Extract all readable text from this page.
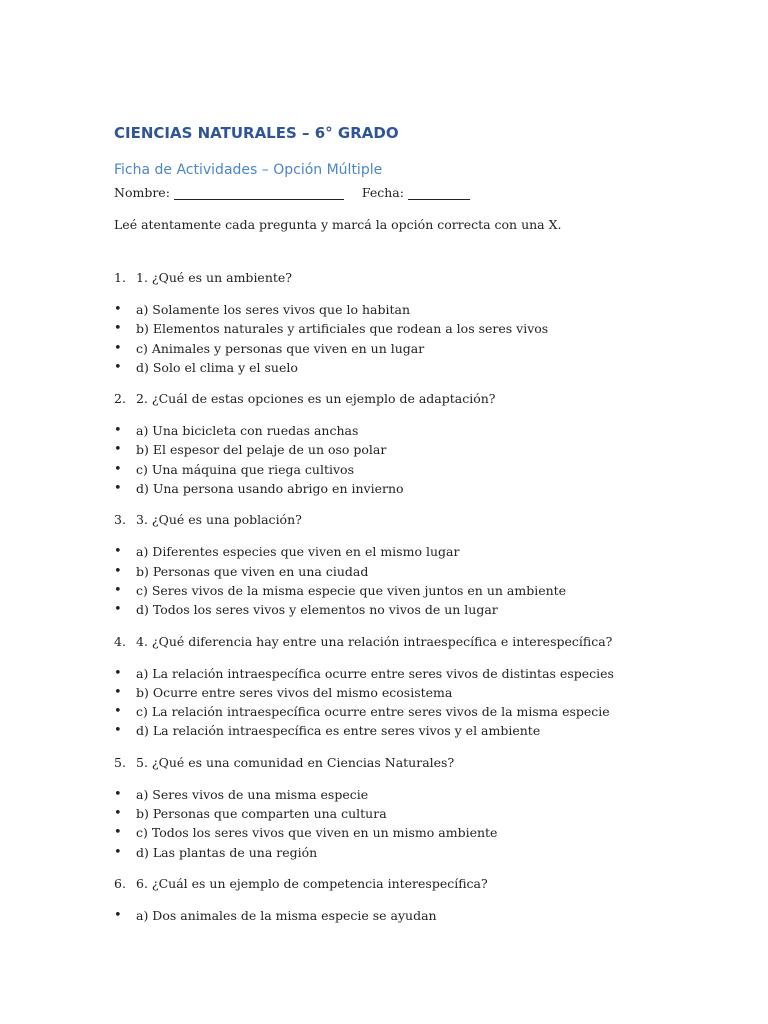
CIENCIAS NATURALES – 6° GRADO
Ficha de Actividades – Opción Múltiple
Nombre:	Fecha:
Leé atentamente cada pregunta y marcá la opción correcta con una X.
1. 1. ¿Qué es un ambiente?
• a) Solamente los seres vivos que lo habitan
• b) Elementos naturales y artificiales que rodean a los seres vivos
• c) Animales y personas que viven en un lugar
• d) Solo el clima y el suelo
2. 2. ¿Cuál de estas opciones es un ejemplo de adaptación?
• a) Una bicicleta con ruedas anchas
• b) El espesor del pelaje de un oso polar
• c) Una máquina que riega cultivos
• d) Una persona usando abrigo en invierno
3. 3. ¿Qué es una población?
• a) Diferentes especies que viven en el mismo lugar
• b) Personas que viven en una ciudad
• c) Seres vivos de la misma especie que viven juntos en un ambiente
• d) Todos los seres vivos y elementos no vivos de un lugar
4. 4. ¿Qué diferencia hay entre una relación intraespecífica e interespecífica?
• a) La relación intraespecífica ocurre entre seres vivos de distintas especies
• b) Ocurre entre seres vivos del mismo ecosistema
• c) La relación intraespecífica ocurre entre seres vivos de la misma especie
• d) La relación intraespecífica es entre seres vivos y el ambiente
5. 5. ¿Qué es una comunidad en Ciencias Naturales?
• a) Seres vivos de una misma especie
• b) Personas que comparten una cultura
• c) Todos los seres vivos que viven en un mismo ambiente
• d) Las plantas de una región
6. 6. ¿Cuál es un ejemplo de competencia interespecífica?
• a) Dos animales de la misma especie se ayudan
